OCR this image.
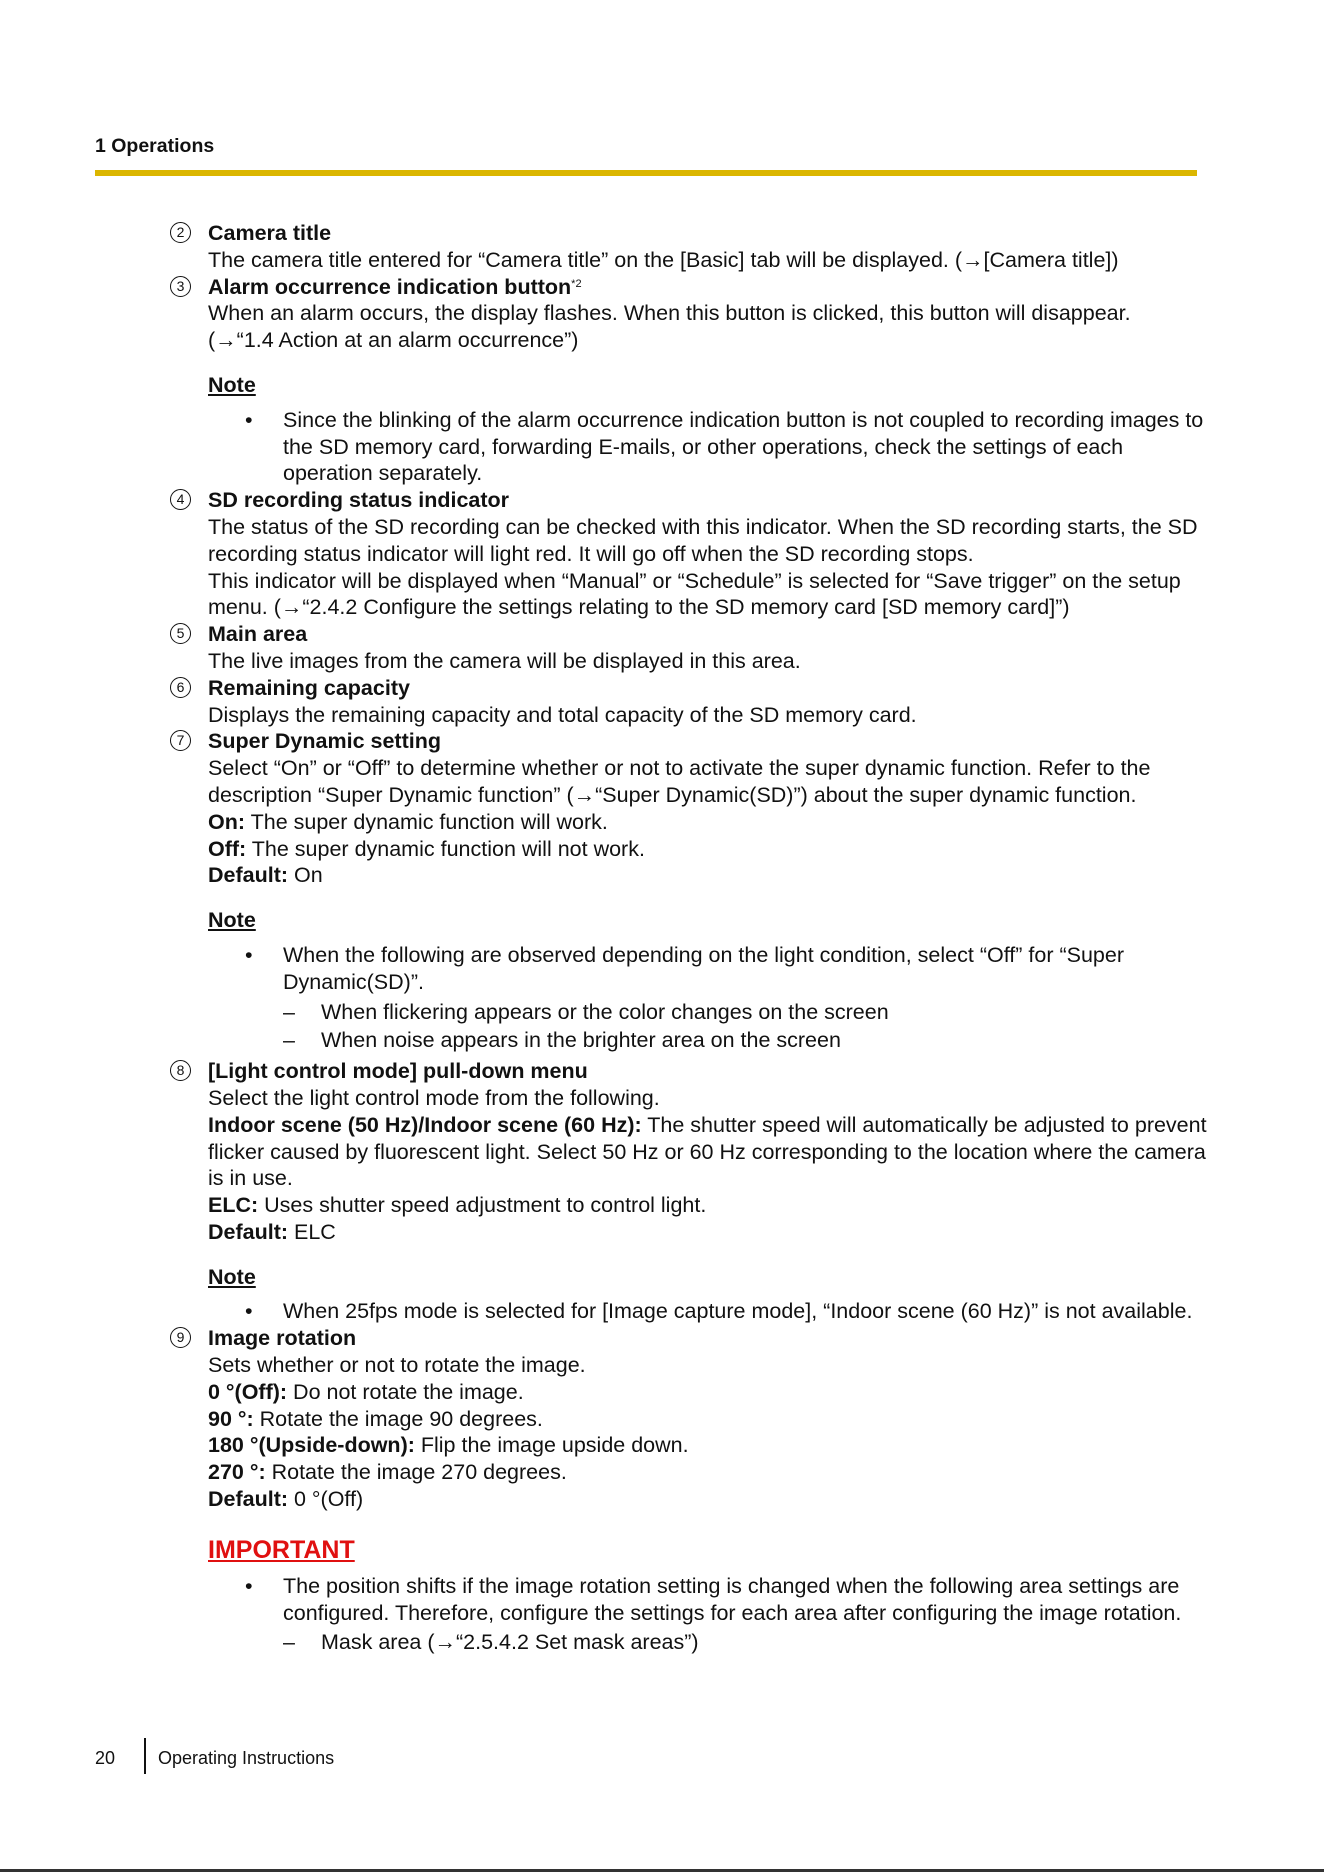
1 Operations
2	Camera title
The camera title entered for “Camera title” on the [Basic] tab will be displayed. (→[Camera title])
3	Alarm occurrence indication button$^{*2}$
When an alarm occurs, the display flashes. When this button is clicked, this button will disappear.
(→“1.4 Action at an alarm occurrence”)
Note
• Since the blinking of the alarm occurrence indication button is not coupled to recording images to the SD memory card, forwarding E-mails, or other operations, check the settings of each operation separately.
4	SD recording status indicator
The status of the SD recording can be checked with this indicator. When the SD recording starts, the SD recording status indicator will light red. It will go off when the SD recording stops.
This indicator will be displayed when “Manual” or “Schedule” is selected for “Save trigger” on the setup menu. (→“2.4.2 Configure the settings relating to the SD memory card [SD memory card]”)
5	Main area
The live images from the camera will be displayed in this area.
6	Remaining capacity
Displays the remaining capacity and total capacity of the SD memory card.
7	Super Dynamic setting
Select “On” or “Off” to determine whether or not to activate the super dynamic function. Refer to the description “Super Dynamic function” (→“Super Dynamic(SD)”) about the super dynamic function.
On: The super dynamic function will work.
Off: The super dynamic function will not work.
Default: On
Note
• When the following are observed depending on the light condition, select “Off” for “Super Dynamic(SD)”.
– When flickering appears or the color changes on the screen
– When noise appears in the brighter area on the screen
8	[Light control mode] pull-down menu
Select the light control mode from the following.
Indoor scene (50 Hz)/Indoor scene (60 Hz): The shutter speed will automatically be adjusted to prevent flicker caused by fluorescent light. Select 50 Hz or 60 Hz corresponding to the location where the camera is in use.
ELC: Uses shutter speed adjustment to control light.
Default: ELC
Note
• When 25fps mode is selected for [Image capture mode], “Indoor scene (60 Hz)” is not available.
9	Image rotation
Sets whether or not to rotate the image.
0 °(Off): Do not rotate the image.
90 °: Rotate the image 90 degrees.
180 °(Upside-down): Flip the image upside down.
270 °: Rotate the image 270 degrees.
Default: 0 °(Off)
IMPORTANT
• The position shifts if the image rotation setting is changed when the following area settings are configured. Therefore, configure the settings for each area after configuring the image rotation.
– Mask area (→“2.5.4.2 Set mask areas”)
20 Operating Instructions
